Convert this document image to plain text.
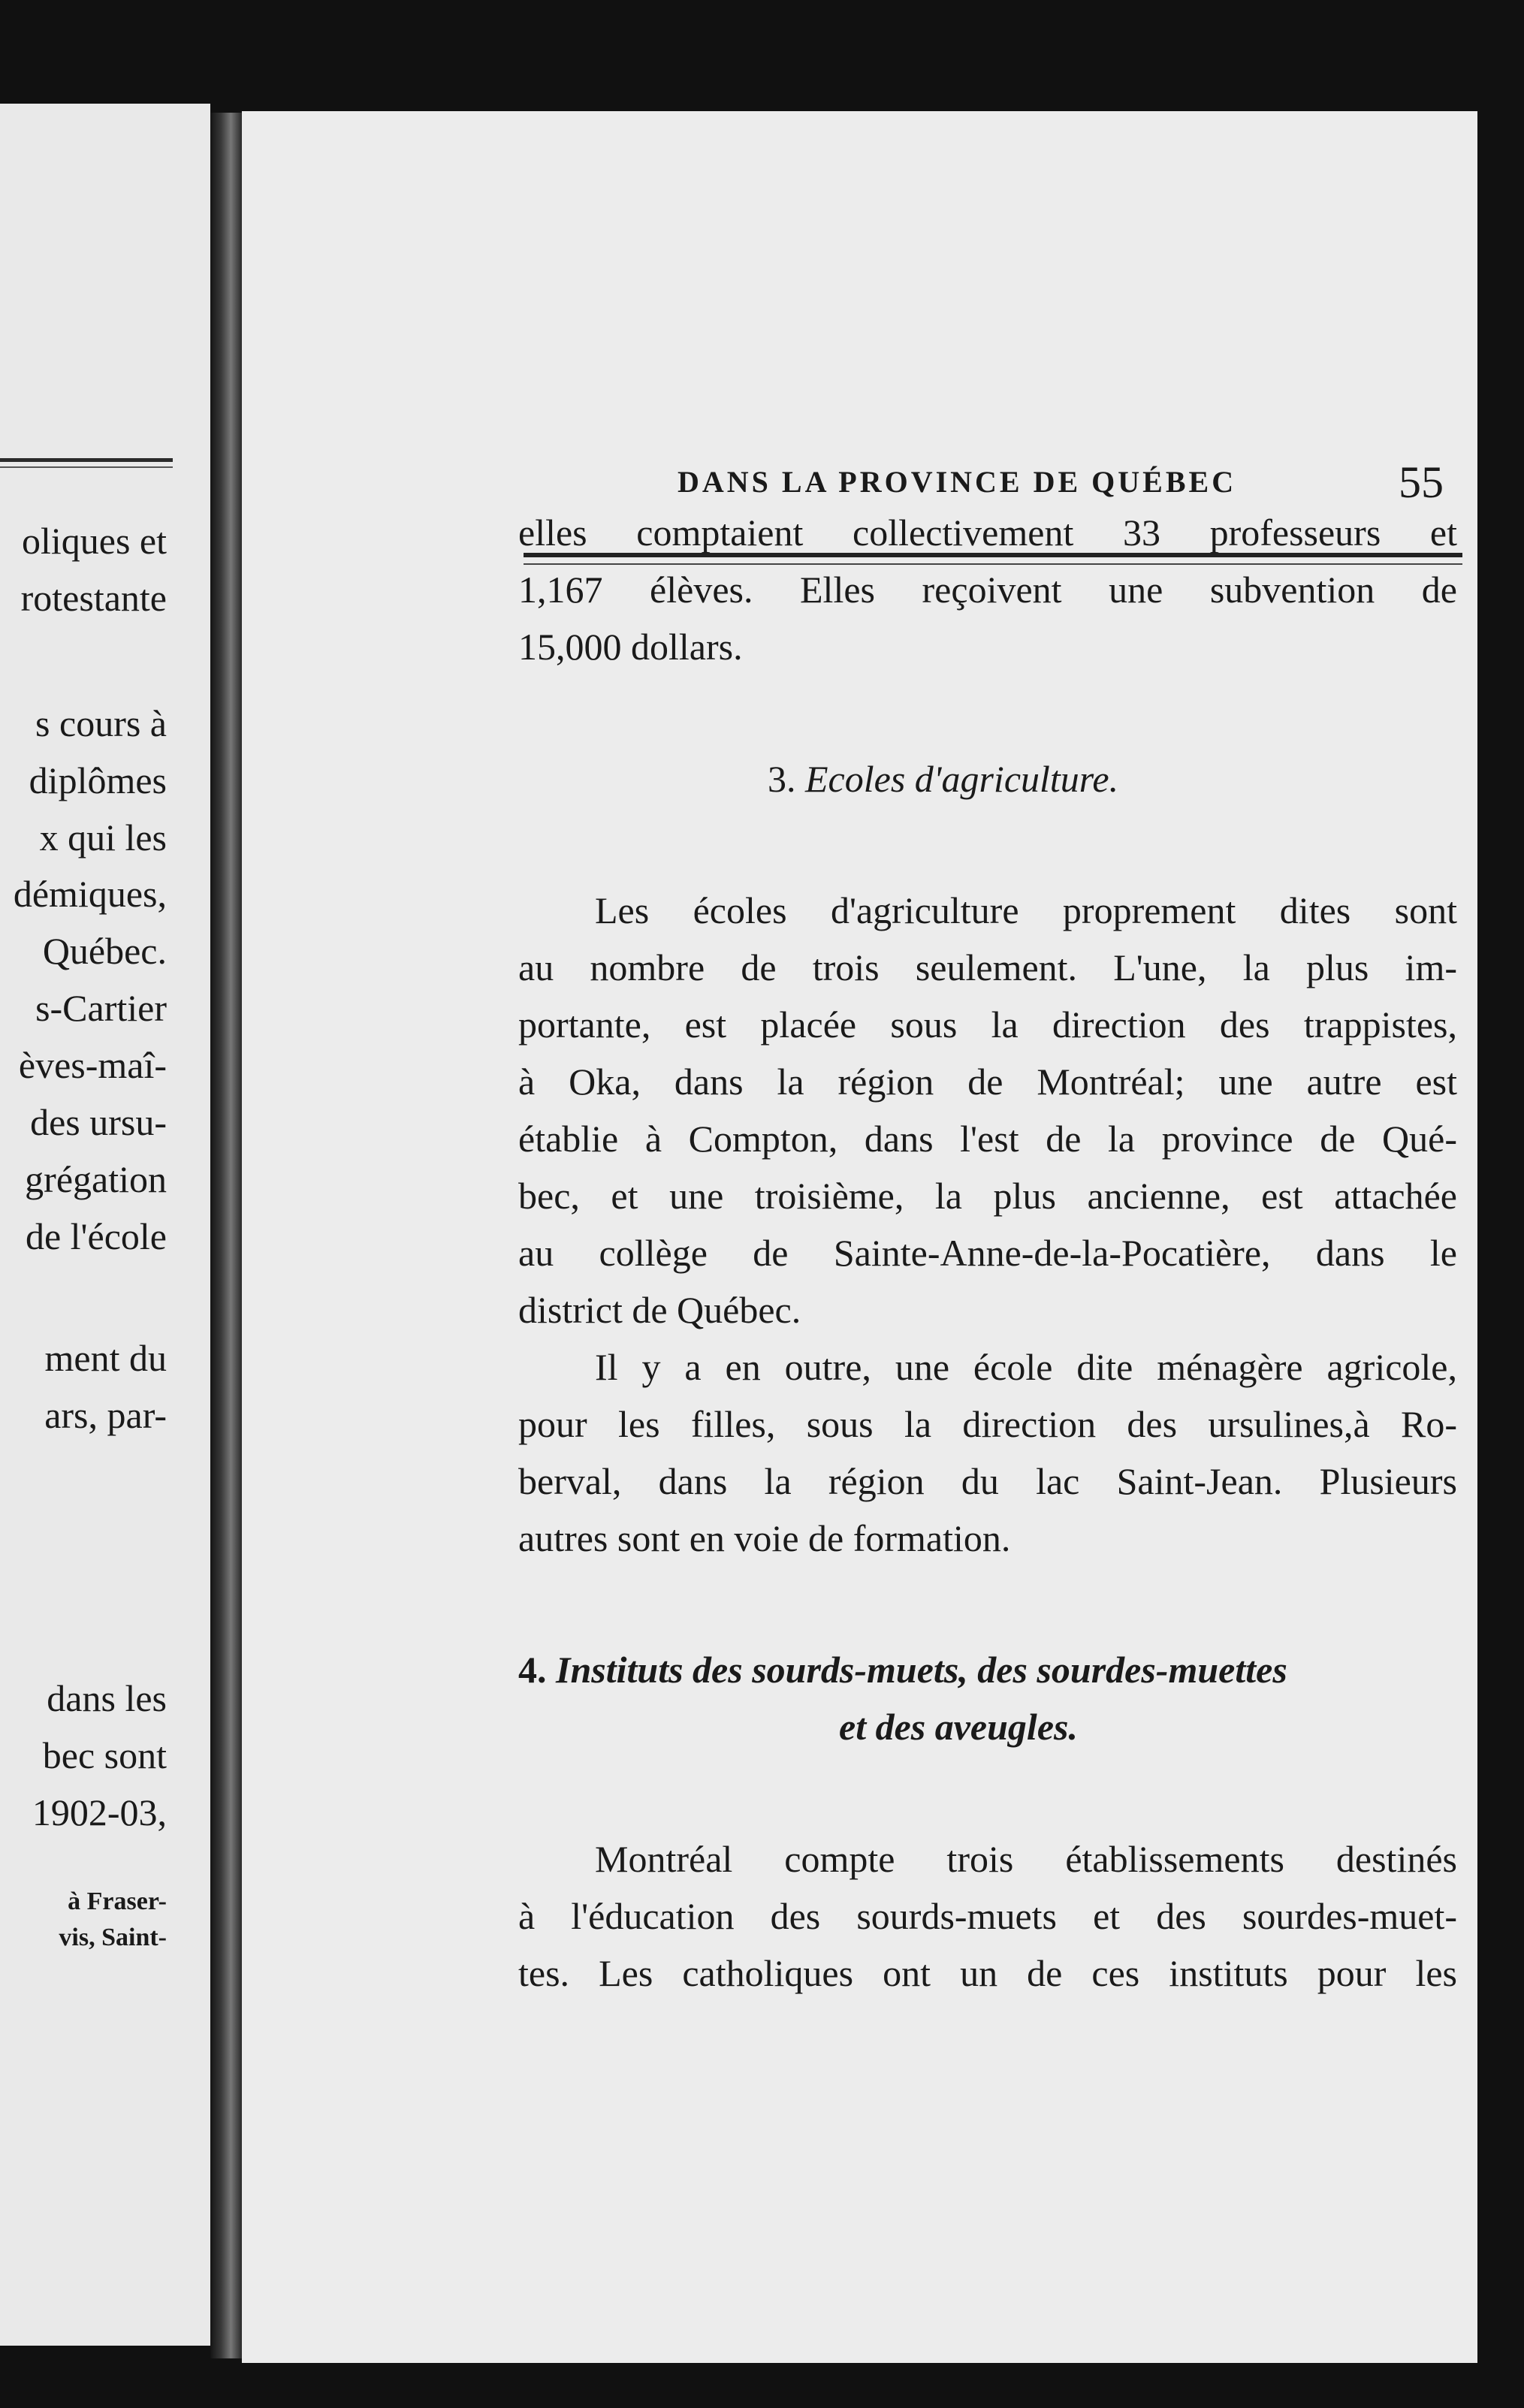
oliques et
rotestante
s cours à
diplômes
x qui les
démiques,
Québec.
s-Cartier
èves-maî-
des ursu-
grégation
de l'école
ment du
ars, par-
dans les
bec sont
1902-03,
à Fraser-
vis, Saint-
DANS LA PROVINCE DE QUÉBEC	55
elles comptaient collectivement 33 professeurs et
1,167 élèves. Elles reçoivent une subvention de
15,000 dollars.
3. Ecoles d'agriculture.
Les écoles d'agriculture proprement dites sont
au nombre de trois seulement. L'une, la plus im-
portante, est placée sous la direction des trappistes,
à Oka, dans la région de Montréal; une autre est
établie à Compton, dans l'est de la province de Qué-
bec, et une troisième, la plus ancienne, est attachée
au collège de Sainte-Anne-de-la-Pocatière, dans le
district de Québec.
Il y a en outre, une école dite ménagère agricole,
pour les filles, sous la direction des ursulines,à Ro-
berval, dans la région du lac Saint-Jean. Plusieurs
autres sont en voie de formation.
4. Instituts des sourds-muets, des sourdes-muettes
et des aveugles.
Montréal compte trois établissements destinés
à l'éducation des sourds-muets et des sourdes-muet-
tes. Les catholiques ont un de ces instituts pour les
